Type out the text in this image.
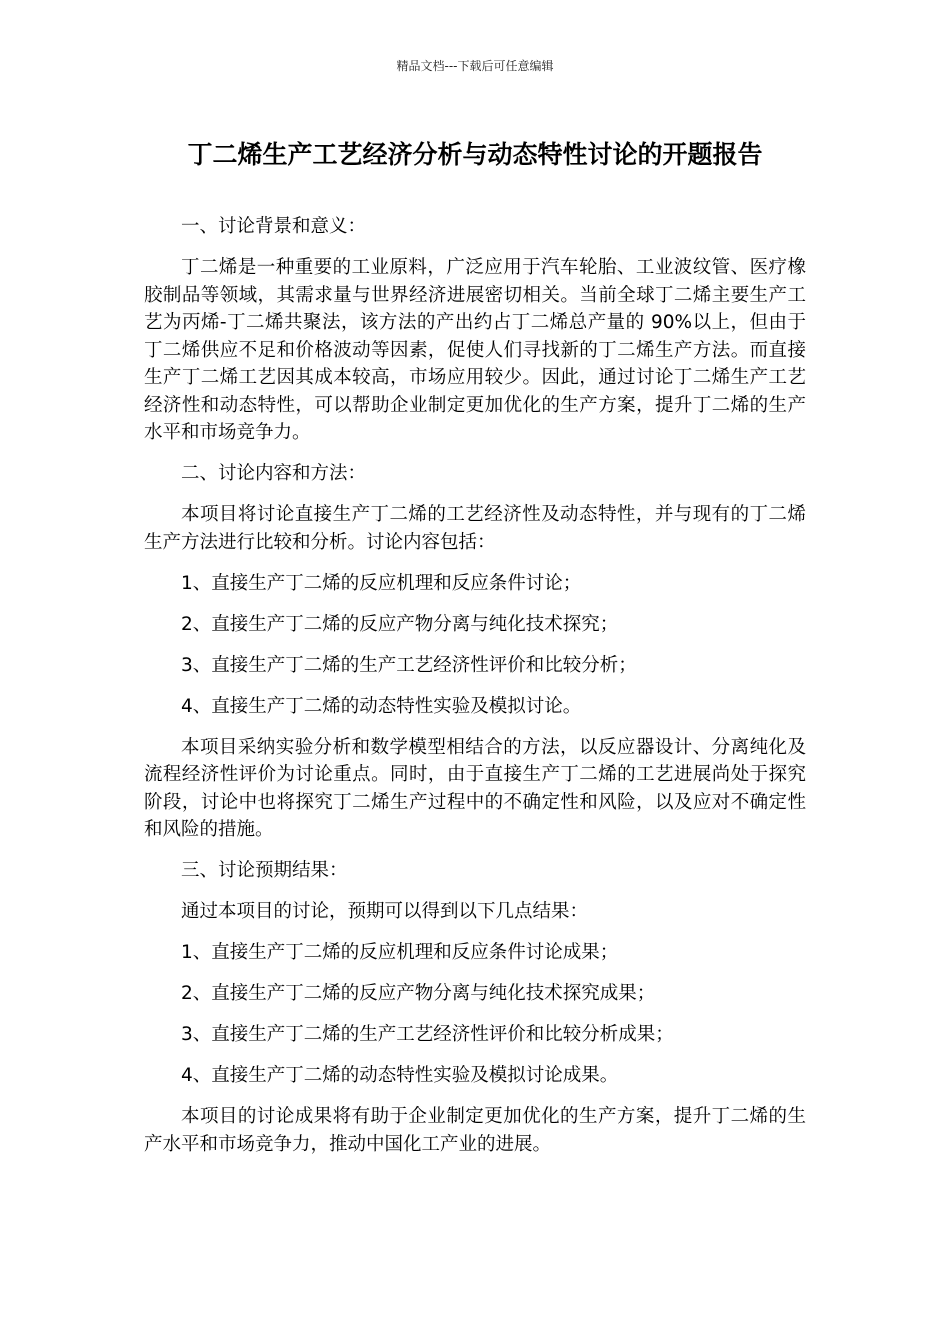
精品文档---下载后可任意编辑
丁二烯生产工艺经济分析与动态特性讨论的开题报告

一、讨论背景和意义：

丁二烯是一种重要的工业原料，广泛应用于汽车轮胎、工业波纹管、医疗橡胶制品等领域，其需求量与世界经济进展密切相关。当前全球丁二烯主要生产工艺为丙烯-丁二烯共聚法，该方法的产出约占丁二烯总产量的 90%以上，但由于丁二烯供应不足和价格波动等因素，促使人们寻找新的丁二烯生产方法。而直接生产丁二烯工艺因其成本较高，市场应用较少。因此，通过讨论丁二烯生产工艺经济性和动态特性，可以帮助企业制定更加优化的生产方案，提升丁二烯的生产水平和市场竞争力。

二、讨论内容和方法：

本项目将讨论直接生产丁二烯的工艺经济性及动态特性，并与现有的丁二烯生产方法进行比较和分析。讨论内容包括：

1、直接生产丁二烯的反应机理和反应条件讨论；

2、直接生产丁二烯的反应产物分离与纯化技术探究；

3、直接生产丁二烯的生产工艺经济性评价和比较分析；

4、直接生产丁二烯的动态特性实验及模拟讨论。

本项目采纳实验分析和数学模型相结合的方法，以反应器设计、分离纯化及流程经济性评价为讨论重点。同时，由于直接生产丁二烯的工艺进展尚处于探究阶段，讨论中也将探究丁二烯生产过程中的不确定性和风险，以及应对不确定性和风险的措施。

三、讨论预期结果：

通过本项目的讨论，预期可以得到以下几点结果：

1、直接生产丁二烯的反应机理和反应条件讨论成果；

2、直接生产丁二烯的反应产物分离与纯化技术探究成果；

3、直接生产丁二烯的生产工艺经济性评价和比较分析成果；

4、直接生产丁二烯的动态特性实验及模拟讨论成果。

本项目的讨论成果将有助于企业制定更加优化的生产方案，提升丁二烯的生产水平和市场竞争力，推动中国化工产业的进展。
